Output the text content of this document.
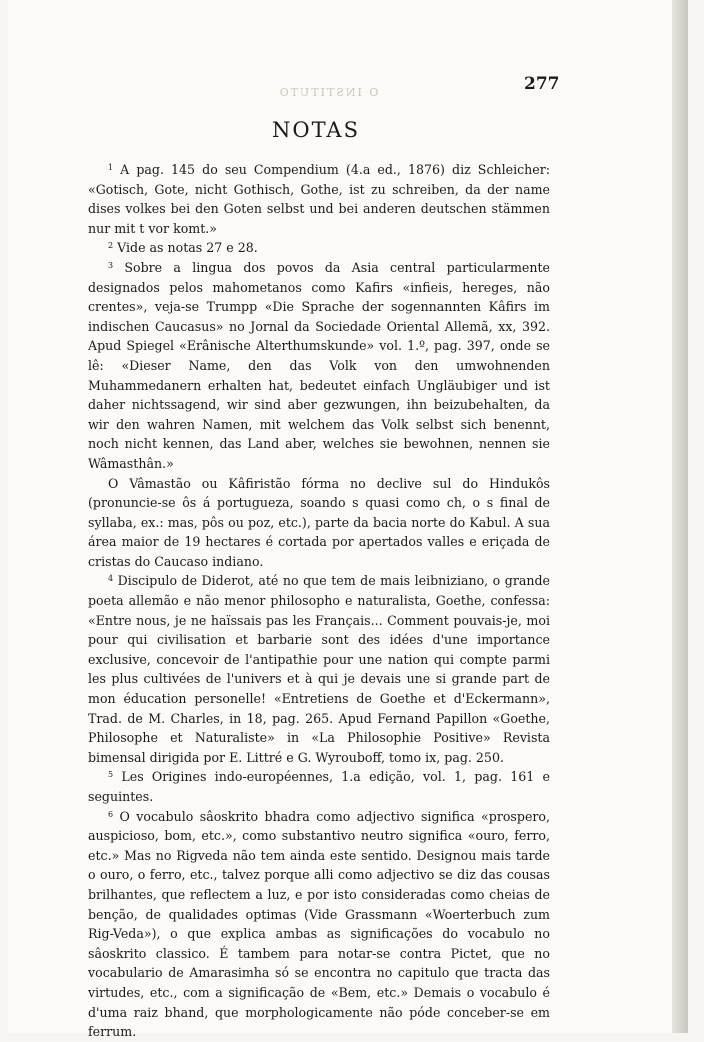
O INSTITUTO	277
NOTAS

$^1$ A pag. 145 do seu Compendium (4.a ed., 1876) diz Schleicher: «Gotisch, Gote, nicht Gothisch, Gothe, ist zu schreiben, da der name dises volkes bei den Goten selbst und bei anderen deutschen stämmen nur mit t vor komt.»

$^2$ Vide as notas 27 e 28.

$^3$ Sobre a lingua dos povos da Asia central particularmente designados pelos mahometanos como Kafirs «infieis, hereges, não crentes», veja-se Trumpp «Die Sprache der sogennannten Kâfirs im indischen Caucasus» no Jornal da Sociedade Oriental Allemã, xx, 392. Apud Spiegel «Erânische Alterthumskunde» vol. 1.º, pag. 397, onde se lê: «Dieser Name, den das Volk von den umwohnenden Muhammedanern erhalten hat, bedeutet einfach Ungläubiger und ist daher nichtssagend, wir sind aber gezwungen, ihn beizubehalten, da wir den wahren Namen, mit welchem das Volk selbst sich benennt, noch nicht kennen, das Land aber, welches sie bewohnen, nennen sie Wâmasthân.»

O Vâmastão ou Kâfiristão fórma no declive sul do Hindukôs (pronuncie-se ôs á portugueza, soando s quasi como ch, o s final de syllaba, ex.: mas, pôs ou poz, etc.), parte da bacia norte do Kabul. A sua área maior de 19 hectares é cortada por apertados valles e eriçada de cristas do Caucaso indiano.

$^4$ Discipulo de Diderot, até no que tem de mais leibniziano, o grande poeta allemão e não menor philosopho e naturalista, Goethe, confessa: «Entre nous, je ne haïssais pas les Français... Comment pouvais-je, moi pour qui civilisation et barbarie sont des idées d'une importance exclusive, concevoir de l'antipathie pour une nation qui compte parmi les plus cultivées de l'univers et à qui je devais une si grande part de mon éducation personelle! «Entretiens de Goethe et d'Eckermann», Trad. de M. Charles, in 18, pag. 265. Apud Fernand Papillon «Goethe, Philosophe et Naturaliste» in «La Philosophie Positive» Revista bimensal dirigida por E. Littré e G. Wyrouboff, tomo ix, pag. 250.

$^5$ Les Origines indo-européennes, 1.a edição, vol. 1, pag. 161 e seguintes.

$^6$ O vocabulo sâoskrito bhadra como adjectivo significa «prospero, auspicioso, bom, etc.», como substantivo neutro significa «ouro, ferro, etc.» Mas no Rigveda não tem ainda este sentido. Designou mais tarde o ouro, o ferro, etc., talvez porque alli como adjectivo se diz das cousas brilhantes, que reflectem a luz, e por isto consideradas como cheias de benção, de qualidades optimas (Vide Grassmann «Woerterbuch zum Rig-Veda»), o que explica ambas as significações do vocabulo no sâoskrito classico. É tambem para notar-se contra Pictet, que no vocabulario de Amarasimha só se encontra no capitulo que tracta das virtudes, etc., com a significação de «Bem, etc.» Demais o vocabulo é d'uma raiz bhand, que morphologicamente não póde conceber-se em ferrum.
